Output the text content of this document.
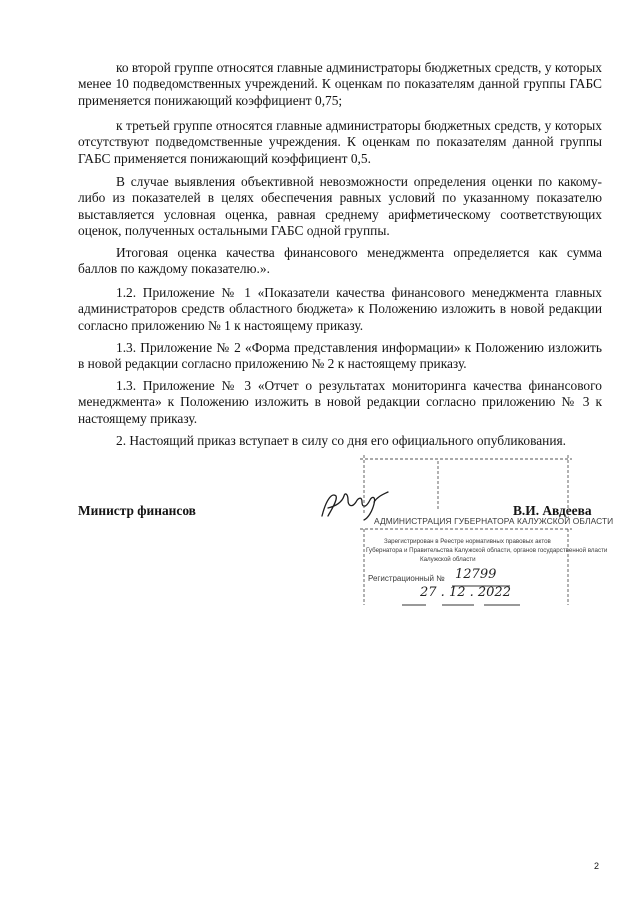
ко второй группе относятся главные администраторы бюджетных средств, у которых менее 10 подведомственных учреждений. К оценкам по показателям данной группы ГАБС применяется понижающий коэффициент 0,75;

к третьей группе относятся главные администраторы бюджетных средств, у которых отсутствуют подведомственные учреждения. К оценкам по показателям данной группы ГАБС применяется понижающий коэффициент 0,5.

В случае выявления объективной невозможности определения оценки по какому-либо из показателей в целях обеспечения равных условий по указанному показателю выставляется условная оценка, равная среднему арифметическому соответствующих оценок, полученных остальными ГАБС одной группы.

Итоговая оценка качества финансового менеджмента определяется как сумма баллов по каждому показателю.».

1.2. Приложение № 1 «Показатели качества финансового менеджмента главных администраторов средств областного бюджета» к Положению изложить в новой редакции согласно приложению № 1 к настоящему приказу.

1.3. Приложение № 2 «Форма представления информации» к Положению изложить в новой редакции согласно приложению № 2 к настоящему приказу.

1.3. Приложение № 3 «Отчет о результатах мониторинга качества финансового менеджмента» к Положению изложить в новой редакции согласно приложению № 3 к настоящему приказу.

2. Настоящий приказ вступает в силу со дня его официального опубликования.

Министр финансов	В.И. Авдеева

АДМИНИСТРАЦИЯ ГУБЕРНАТОРА КАЛУЖСКОЙ ОБЛАСТИ

Зарегистрирован в Реестре нормативных правовых актов

Губернатора и Правительства Калужской области, органов государственной власти

Калужской области

Регистрационный № 12799

27 . 12 . 2022

2
